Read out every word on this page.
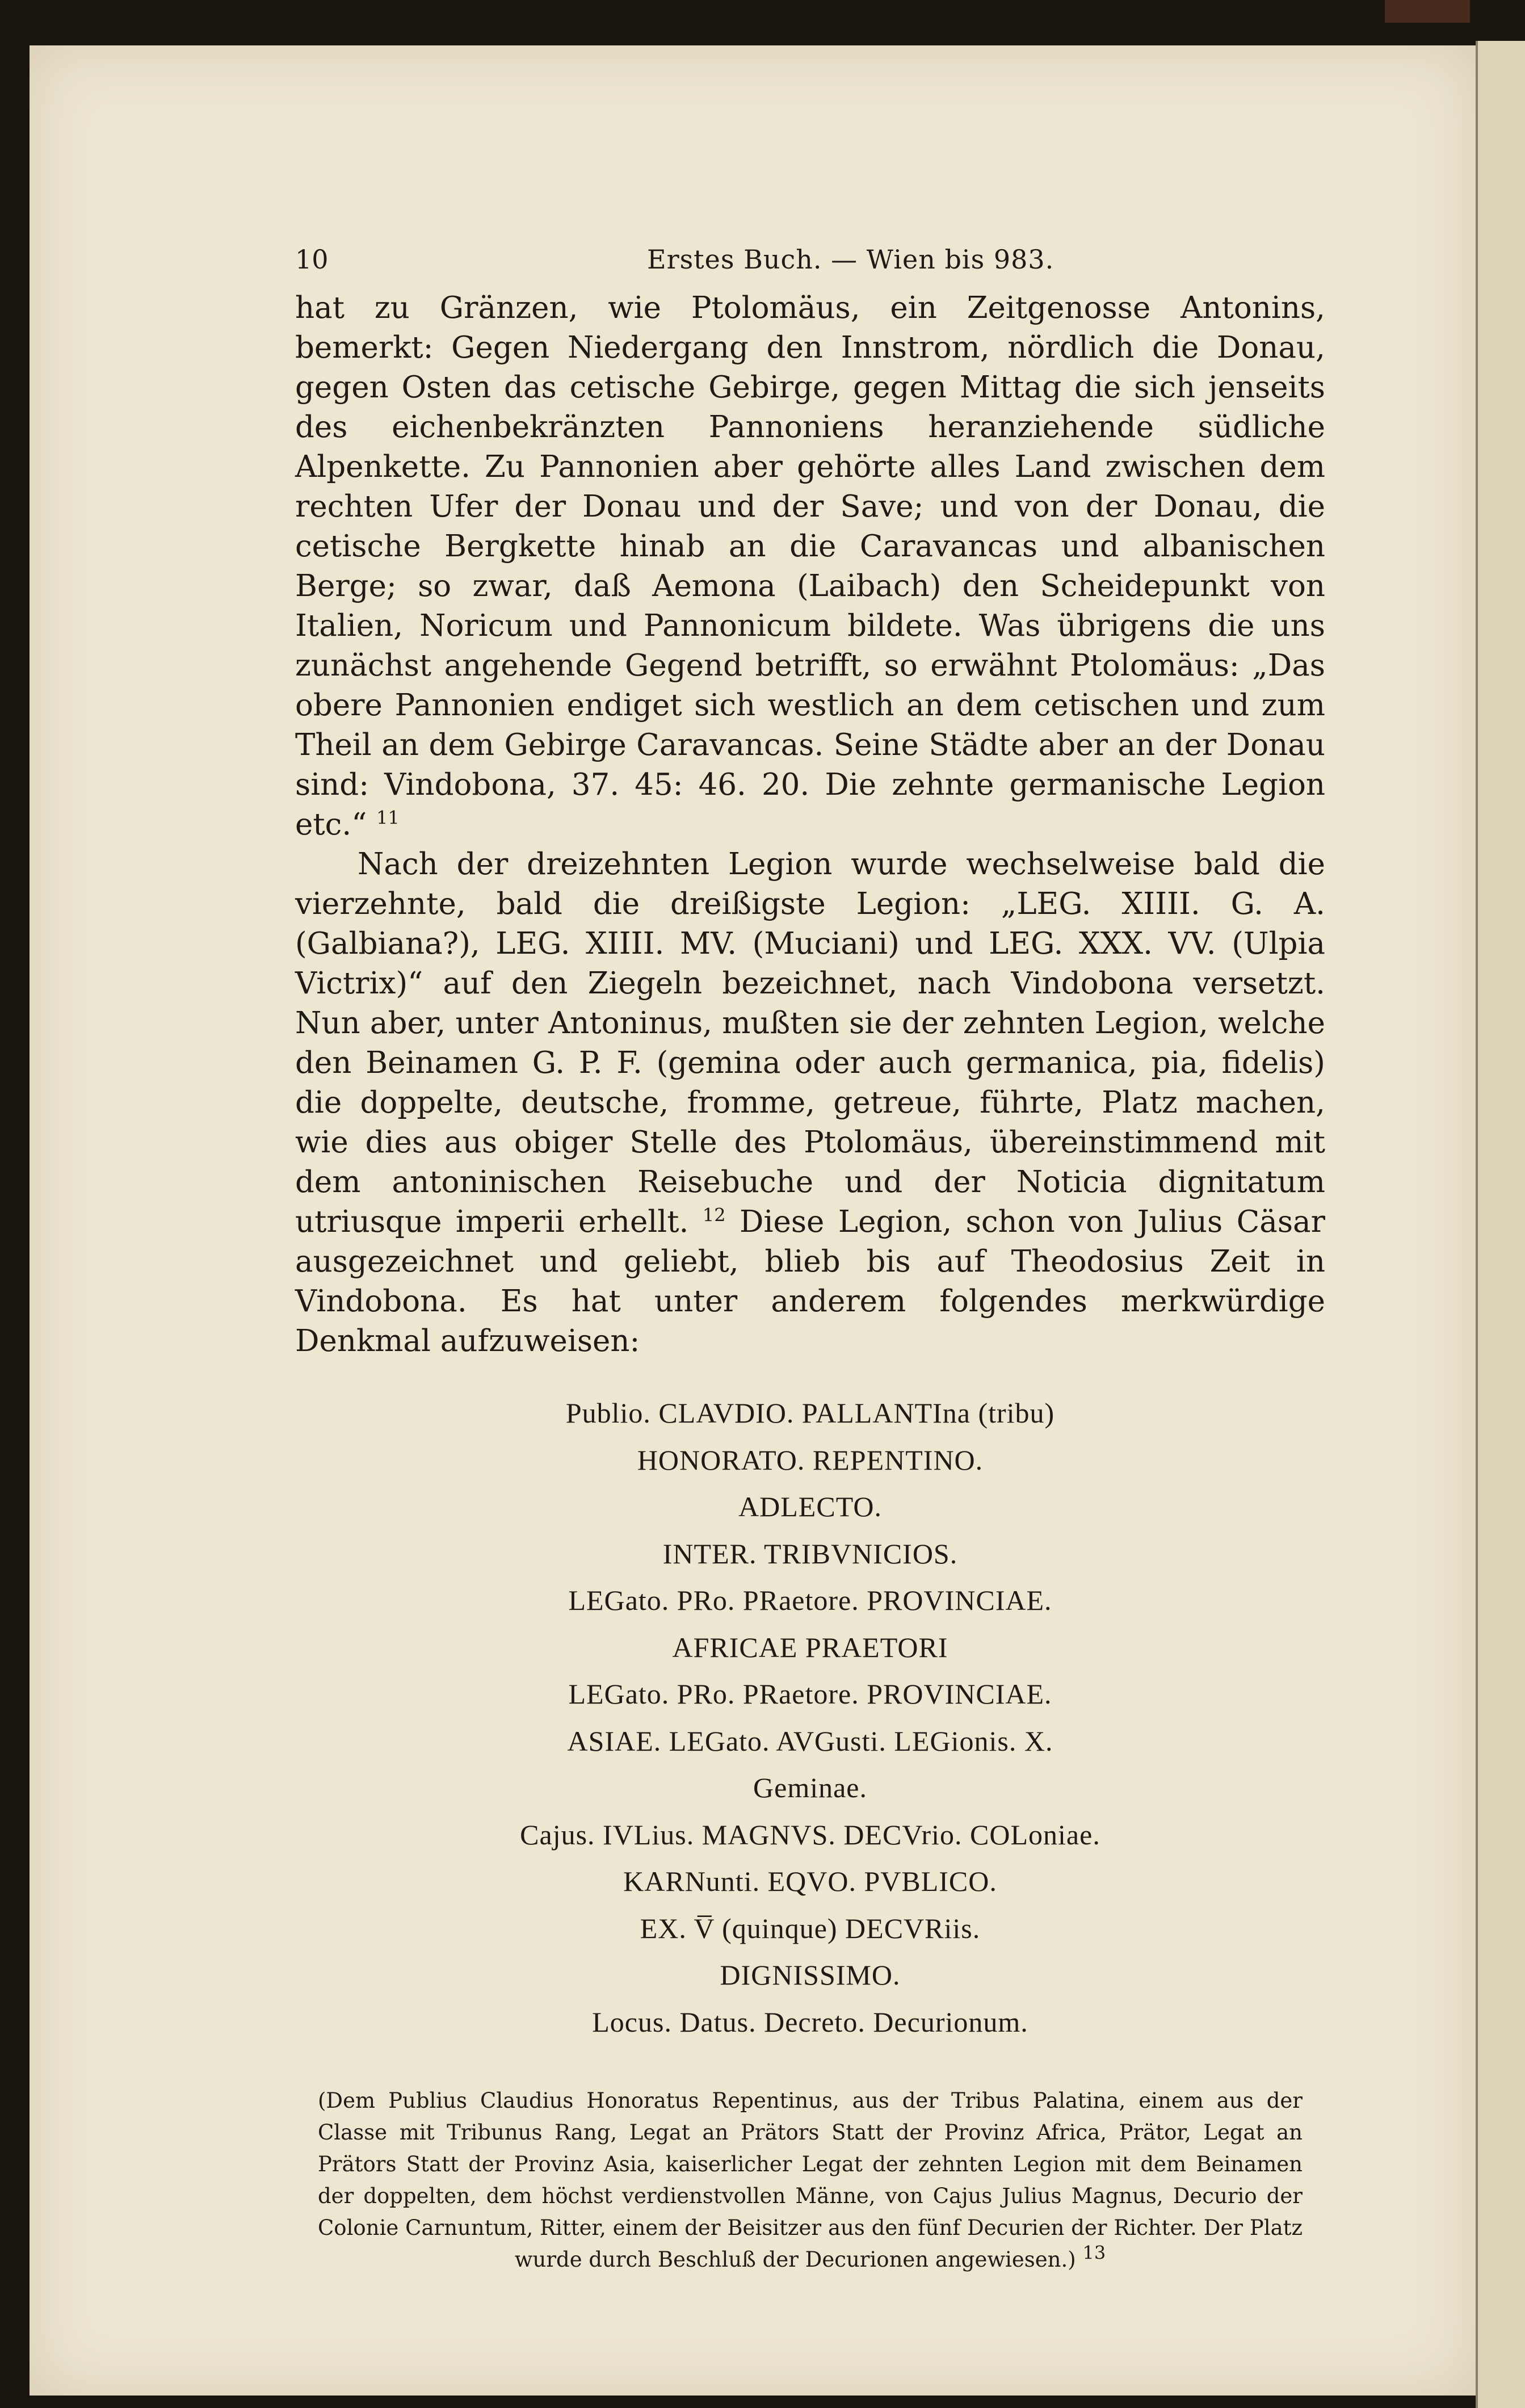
10	Erstes Buch. — Wien bis 983.

hat zu Gränzen, wie Ptolomäus, ein Zeitgenosse Antonins, bemerkt: Gegen Niedergang den Innstrom, nördlich die Donau, gegen Osten das cetische Gebirge, gegen Mittag die sich jenseits des eichenbekränzten Pannoniens heranziehende südliche Alpenkette. Zu Pannonien aber gehörte alles Land zwischen dem rechten Ufer der Donau und der Save; und von der Donau, die cetische Bergkette hinab an die Caravancas und albanischen Berge; so zwar, daß Aemona (Laibach) den Scheidepunkt von Italien, Noricum und Pannonicum bildete. Was übrigens die uns zunächst angehende Gegend betrifft, so erwähnt Ptolomäus: „Das obere Pannonien endiget sich westlich an dem cetischen und zum Theil an dem Gebirge Caravancas. Seine Städte aber an der Donau sind: Vindobona, 37. 45: 46. 20. Die zehnte germanische Legion etc.“ $^{11}$

Nach der dreizehnten Legion wurde wechselweise bald die vierzehnte, bald die dreißigste Legion: „LEG. XIIII. G. A. (Galbiana?), LEG. XIIII. MV. (Muciani) und LEG. XXX. VV. (Ulpia Victrix)“ auf den Ziegeln bezeichnet, nach Vindobona versetzt. Nun aber, unter Antoninus, mußten sie der zehnten Legion, welche den Beinamen G. P. F. (gemina oder auch germanica, pia, fidelis) die doppelte, deutsche, fromme, getreue, führte, Platz machen, wie dies aus obiger Stelle des Ptolomäus, übereinstimmend mit dem antoninischen Reisebuche und der Noticia dignitatum utriusque imperii erhellt. $^{12}$ Diese Legion, schon von Julius Cäsar ausgezeichnet und geliebt, blieb bis auf Theodosius Zeit in Vindobona. Es hat unter anderem folgendes merkwürdige Denkmal aufzuweisen:

Publio. CLAVDIO. PALLANTIna (tribu)
HONORATO. REPENTINO.
ADLECTO.
INTER. TRIBVNICIOS.
LEGato. PRo. PRaetore. PROVINCIAE.
AFRICAE PRAETORI
LEGato. PRo. PRaetore. PROVINCIAE.
ASIAE. LEGato. AVGusti. LEGionis. X.
Geminae.
Cajus. IVLius. MAGNVS. DECVrio. COLoniae.
KARNunti. EQVO. PVBLICO.
EX. V̅ (quinque) DECVRiis.
DIGNISSIMO.
Locus. Datus. Decreto. Decurionum.
(Dem Publius Claudius Honoratus Repentinus, aus der Tribus Palatina, einem aus der Classe mit Tribunus Rang, Legat an Prätors Statt der Provinz Africa, Prätor, Legat an Prätors Statt der Provinz Asia, kaiserlicher Legat der zehnten Legion mit dem Beinamen der doppelten, dem höchst verdienstvollen Männe, von Cajus Julius Magnus, Decurio der Colonie Carnuntum, Ritter, einem der Beisitzer aus den fünf Decurien der Richter. Der Platz wurde durch Beschluß der Decurionen angewiesen.) $^{13}$
